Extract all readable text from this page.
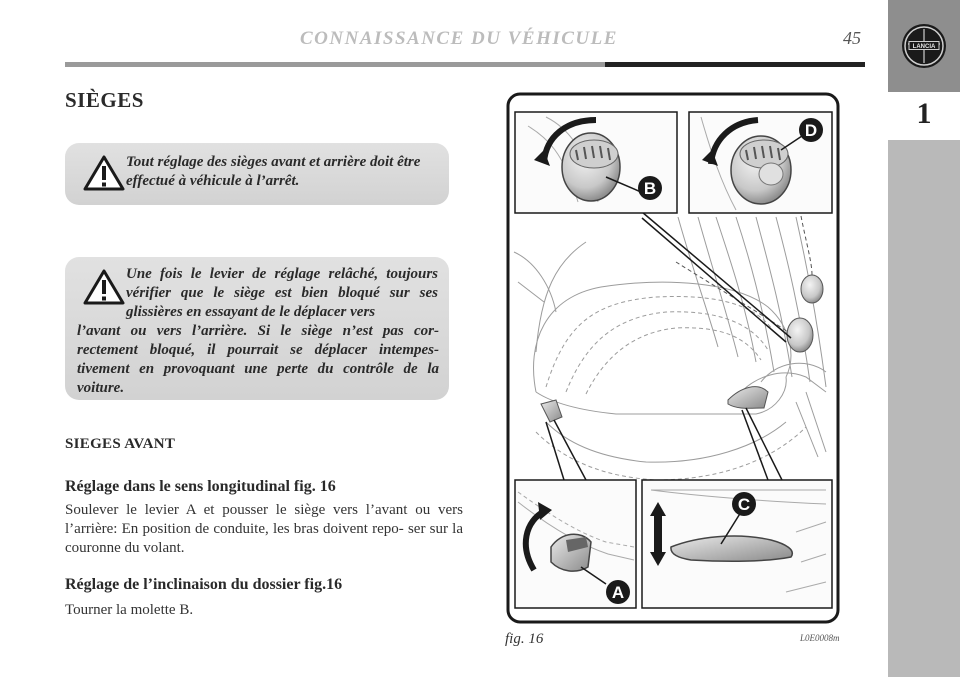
CONNAISSANCE DU VÉHICULE	45
1
LANCIA
SIÈGES
Tout réglage des sièges avant et arrière doit être effectué à véhicule à l’arrêt.
Une fois le levier de réglage relâché, toujours vérifier que le siège est bien bloqué sur ses glissières en essayant de le déplacer vers
l’avant ou vers l’arrière. Si le siège n’est pas cor- rectement bloqué, il pourrait se déplacer intempes- tivement en provoquant une perte du contrôle de la voiture.
SIEGES AVANT
Réglage dans le sens longitudinal fig. 16
Soulever le levier A et pousser le siège vers l’avant ou vers l’arrière: En position de conduite, les bras doivent repo- ser sur la couronne du volant.
Réglage de l’inclinaison du dossier fig.16
Tourner la molette B.
A
B
C
D
fig. 16	L0E0008m
